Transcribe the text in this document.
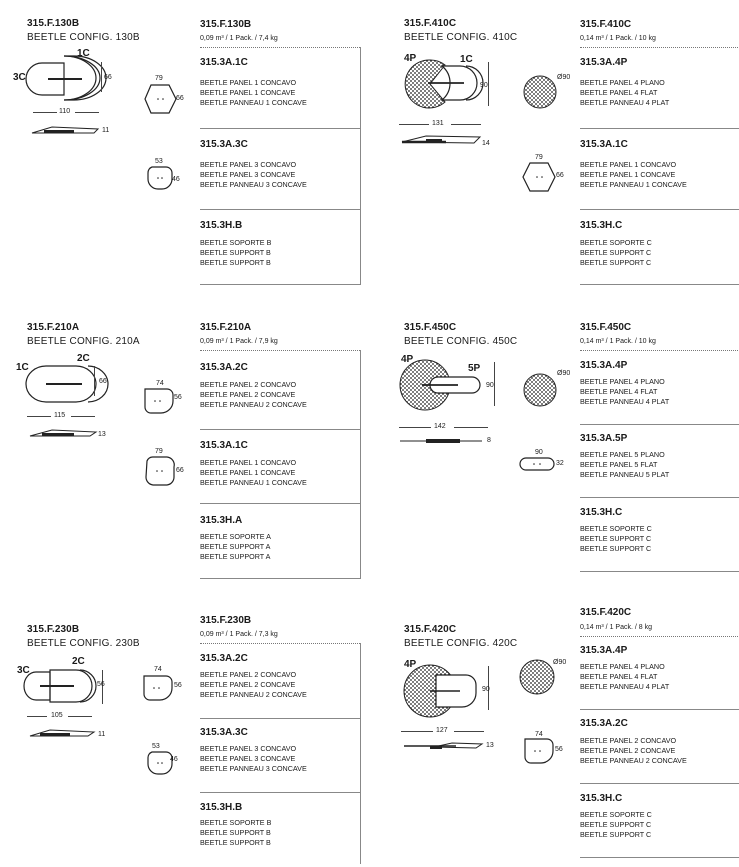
315.F.130B
BEETLE CONFIG. 130B
3C
1C
66
110
11
79
66
53
46
315.F.130B
0,09 m³ / 1 Pack. / 7,4 kg
315.3A.1C
BEETLE PANEL 1 CONCAVO
BEETLE PANEL 1 CONCAVE
BEETLE PANNEAU 1 CONCAVE
315.3A.3C
BEETLE PANEL 3 CONCAVO
BEETLE PANEL 3 CONCAVE
BEETLE PANNEAU 3 CONCAVE
315.3H.B
BEETLE SOPORTE B
BEETLE SUPPORT B
BEETLE SUPPORT B
315.F.210A
BEETLE CONFIG. 210A
1C
2C
66
115
13
74
56
79
66
315.F.210A
0,09 m³ / 1 Pack. / 7,9 kg
315.3A.2C
BEETLE PANEL 2 CONCAVO
BEETLE PANEL 2 CONCAVE
BEETLE PANNEAU 2 CONCAVE
315.3A.1C
BEETLE PANEL 1 CONCAVO
BEETLE PANEL 1 CONCAVE
BEETLE PANNEAU 1 CONCAVE
315.3H.A
BEETLE SOPORTE A
BEETLE SUPPORT A
BEETLE SUPPORT A
315.F.230B
BEETLE CONFIG. 230B
3C
2C
56
105
11
74
56
53
46
315.F.230B
0,09 m³ / 1 Pack. / 7,3 kg
315.3A.2C
BEETLE PANEL 2 CONCAVO
BEETLE PANEL 2 CONCAVE
BEETLE PANNEAU 2 CONCAVE
315.3A.3C
BEETLE PANEL 3 CONCAVO
BEETLE PANEL 3 CONCAVE
BEETLE PANNEAU 3 CONCAVE
315.3H.B
BEETLE SOPORTE B
BEETLE SUPPORT B
BEETLE SUPPORT B
315.F.410C
BEETLE CONFIG. 410C
4P	1C
90
131
14
Ø90
79
66
315.F.410C
0,14 m³ / 1 Pack. / 10 kg
315.3A.4P
BEETLE PANEL 4 PLANO
BEETLE PANEL 4 FLAT
BEETLE PANNEAU 4 PLAT
315.3A.1C
BEETLE PANEL 1 CONCAVO
BEETLE PANEL 1 CONCAVE
BEETLE PANNEAU 1 CONCAVE
315.3H.C
BEETLE SOPORTE C
BEETLE SUPPORT C
BEETLE SUPPORT C
315.F.450C
BEETLE CONFIG. 450C
4P
5P
90
142
8
Ø90
90
32
315.F.450C
0,14 m³ / 1 Pack. / 10 kg
315.3A.4P
BEETLE PANEL 4 PLANO
BEETLE PANEL 4 FLAT
BEETLE PANNEAU 4 PLAT
315.3A.5P
BEETLE PANEL 5 PLANO
BEETLE PANEL 5 FLAT
BEETLE PANNEAU 5 PLAT
315.3H.C
BEETLE SOPORTE C
BEETLE SUPPORT C
BEETLE SUPPORT C
315.F.420C
BEETLE CONFIG. 420C
4P
90
127
13
Ø90
74
56
315.F.420C
0,14 m³ / 1 Pack. / 8 kg
315.3A.4P
BEETLE PANEL 4 PLANO
BEETLE PANEL 4 FLAT
BEETLE PANNEAU 4 PLAT
315.3A.2C
BEETLE PANEL 2 CONCAVO
BEETLE PANEL 2 CONCAVE
BEETLE PANNEAU 2 CONCAVE
315.3H.C
BEETLE SOPORTE C
BEETLE SUPPORT C
BEETLE SUPPORT C
